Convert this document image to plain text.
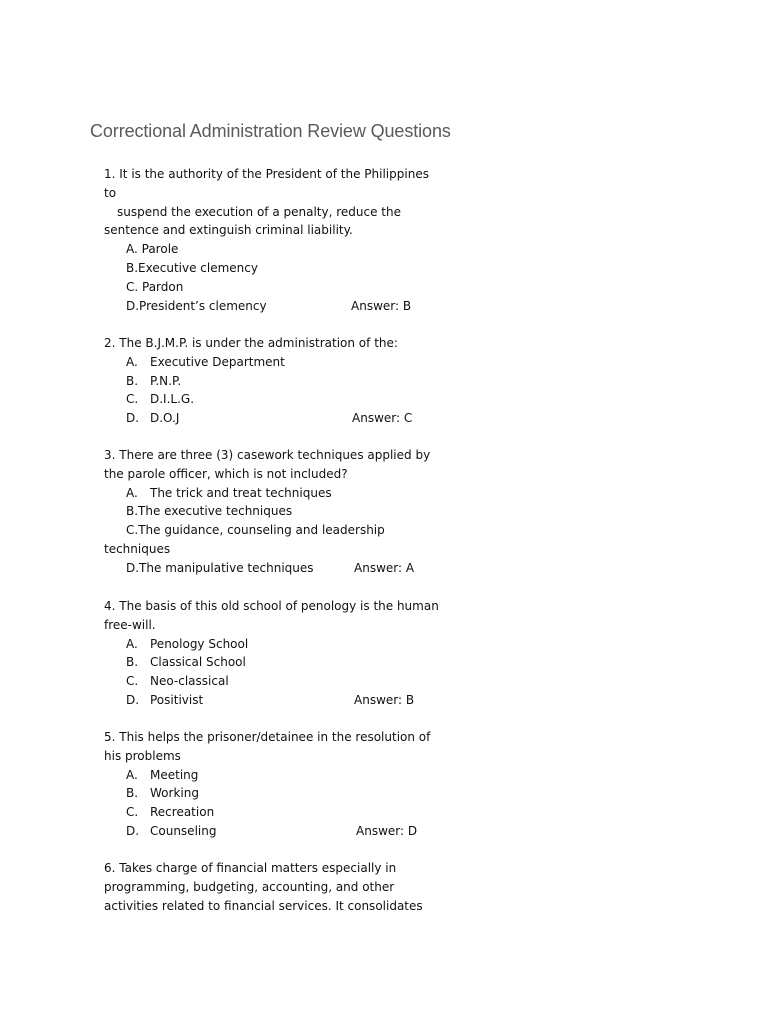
Correctional Administration Review Questions
1. It is the authority of the President of the Philippines
to
suspend the execution of a penalty, reduce the
sentence and extinguish criminal liability.
A. Parole
B.Executive clemency
C. Pardon
D.President’s clemency	Answer: B
2. The B.J.M.P. is under the administration of the:
A. Executive Department
B. P.N.P.
C. D.I.L.G.
D. D.O.J	Answer: C
3. There are three (3) casework techniques applied by
the parole officer, which is not included?
A. The trick and treat techniques
B.The executive techniques
C.The guidance, counseling and leadership
techniques
D.The manipulative techniques	Answer: A
4. The basis of this old school of penology is the human
free-will.
A. Penology School
B. Classical School
C. Neo-classical
D. Positivist	Answer: B
5. This helps the prisoner/detainee in the resolution of
his problems
A. Meeting
B. Working
C. Recreation
D. Counseling	Answer: D
6. Takes charge of financial matters especially in
programming, budgeting, accounting, and other
activities related to financial services. It consolidates
